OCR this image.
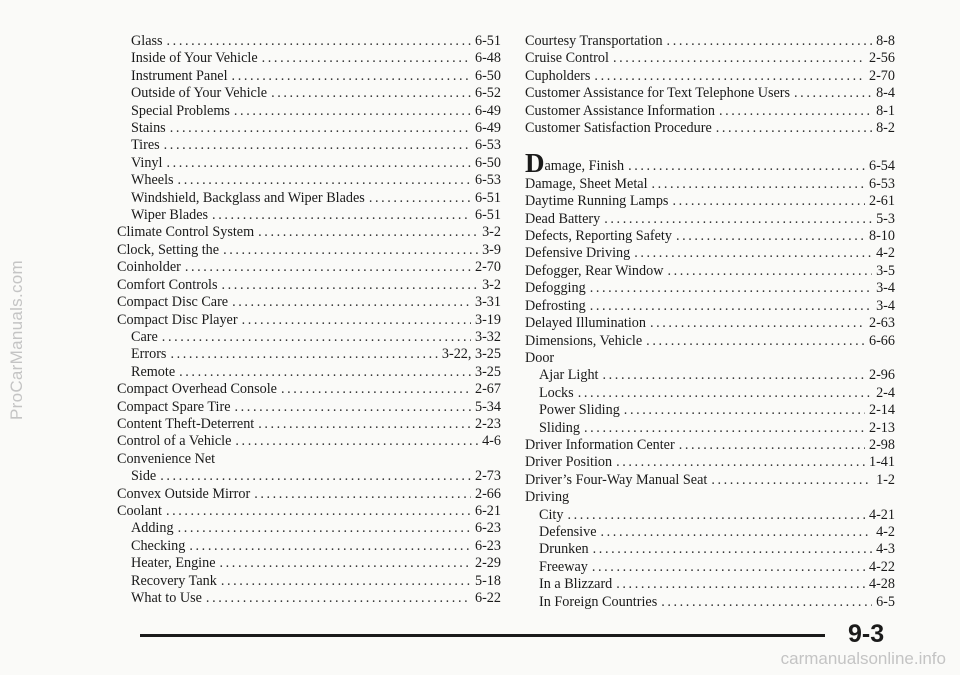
ProCarManuals.com
Glass .....	6-51
Inside of Your Vehicle .....	6-48
Instrument Panel .....	6-50
Outside of Your Vehicle .....	6-52
Special Problems .....	6-49
Stains .....	6-49
Tires .....	6-53
Vinyl .....	6-50
Wheels .....	6-53
Windshield, Backglass and Wiper Blades .....	6-51
Wiper Blades .....	6-51
Climate Control System .....	3-2
Clock, Setting the .....	3-9
Coinholder .....	2-70
Comfort Controls .....	3-2
Compact Disc Care .....	3-31
Compact Disc Player .....	3-19
Care .....	3-32
Errors .....	3-22, 3-25
Remote .....	3-25
Compact Overhead Console .....	2-67
Compact Spare Tire .....	5-34
Content Theft-Deterrent .....	2-23
Control of a Vehicle .....	4-6
Convenience Net
Side .....	2-73
Convex Outside Mirror .....	2-66
Coolant .....	6-21
Adding .....	6-23
Checking .....	6-23
Heater, Engine .....	2-29
Recovery Tank .....	5-18
What to Use .....	6-22
Courtesy Transportation .....	8-8
Cruise Control .....	2-56
Cupholders .....	2-70
Customer Assistance for Text Telephone Users .....	8-4
Customer Assistance Information .....	8-1
Customer Satisfaction Procedure .....	8-2
Damage, Finish .....	6-54
Damage, Sheet Metal .....	6-53
Daytime Running Lamps .....	2-61
Dead Battery .....	5-3
Defects, Reporting Safety .....	8-10
Defensive Driving .....	4-2
Defogger, Rear Window .....	3-5
Defogging .....	3-4
Defrosting .....	3-4
Delayed Illumination .....	2-63
Dimensions, Vehicle .....	6-66
Door
Ajar Light .....	2-96
Locks .....	2-4
Power Sliding .....	2-14
Sliding .....	2-13
Driver Information Center .....	2-98
Driver Position .....	1-41
Driver’s Four-Way Manual Seat .....	1-2
Driving
City .....	4-21
Defensive .....	4-2
Drunken .....	4-3
Freeway .....	4-22
In a Blizzard .....	4-28
In Foreign Countries .....	6-5
9-3
carmanualsonline.info
